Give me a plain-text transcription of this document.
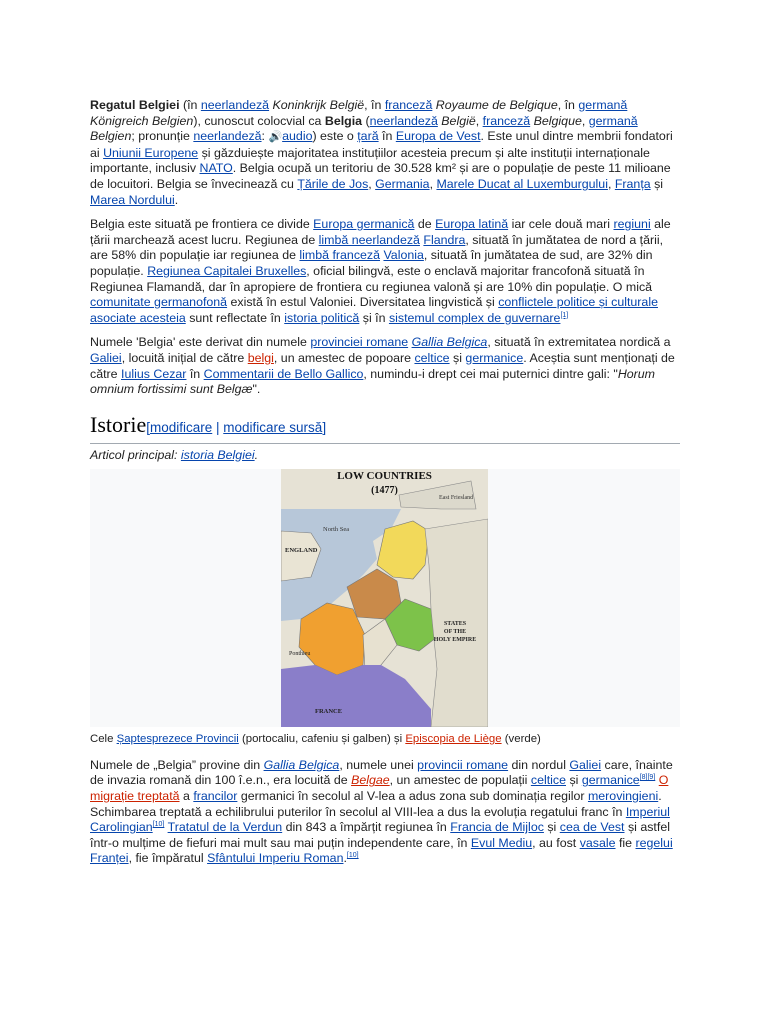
Regatul Belgiei (în neerlandeză Koninkrijk België, în franceză Royaume de Belgique, în germană Königreich Belgien), cunoscut colocvial ca Belgia (neerlandeză België, franceză Belgique, germană Belgien; pronunție neerlandeză: 🔊audio) este o țară în Europa de Vest. Este unul dintre membrii fondatori ai Uniunii Europene și găzduiește majoritatea instituțiilor acesteia precum și alte instituții internaționale importante, inclusiv NATO. Belgia ocupă un teritoriu de 30.528 km² și are o populație de peste 11 milioane de locuitori. Belgia se învecinează cu Țările de Jos, Germania, Marele Ducat al Luxemburgului, Franța și Marea Nordului.

Belgia este situată pe frontiera ce divide Europa germanică de Europa latină iar cele două mari regiuni ale țării marchează acest lucru. Regiunea de limbă neerlandeză Flandra, situată în jumătatea de nord a țării, are 58% din populație iar regiunea de limbă franceză Valonia, situată în jumătatea de sud, are 32% din populație. Regiunea Capitalei Bruxelles, oficial bilingvă, este o enclavă majoritar francofonă situată în Regiunea Flamandă, dar în apropiere de frontiera cu regiunea valonă și are 10% din populație. O mică comunitate germanofonă există în estul Valoniei. Diversitatea lingvistică și conflictele politice și culturale asociate acesteia sunt reflectate în istoria politică și în sistemul complex de guvernare[1]

Numele 'Belgia' este derivat din numele provinciei romane Gallia Belgica, situată în extremitatea nordică a Galiei, locuită inițial de către belgi, un amestec de popoare celtice și germanice. Aceștia sunt menționați de către Iulius Cezar în Commentarii de Bello Gallico, numindu-i drept cei mai puternici dintre gali: "Horum omnium fortissimi sunt Belgæ".

Istorie[modificare | modificare sursă]
Articol principal: istoria Belgiei.
LOW COUNTRIES
(1477)
North Sea
East Friesland
ENGLAND
Ponthieu
FRANCE
STATES
OF THE
HOLY EMPIRE
Cele Șaptesprezece Provincii (portocaliu, cafeniu și galben) și Episcopia de Liège (verde)

Numele de „Belgia” provine din Gallia Belgica, numele unei provincii romane din nordul Galiei care, înainte de invazia romană din 100 î.e.n., era locuită de Belgae, un amestec de populații celtice și germanice[8][9] O migrație treptată a francilor germanici în secolul al V-lea a adus zona sub dominația regilor merovingieni. Schimbarea treptată a echilibrului puterilor în secolul al VIII-lea a dus la evoluția regatului franc în Imperiul Carolingian[10] Tratatul de la Verdun din 843 a împărțit regiunea în Francia de Mijloc și cea de Vest și astfel într-o mulțime de fiefuri mai mult sau mai puțin independente care, în Evul Mediu, au fost vasale fie regelui Franței, fie împăratul Sfântului Imperiu Roman.[10]
